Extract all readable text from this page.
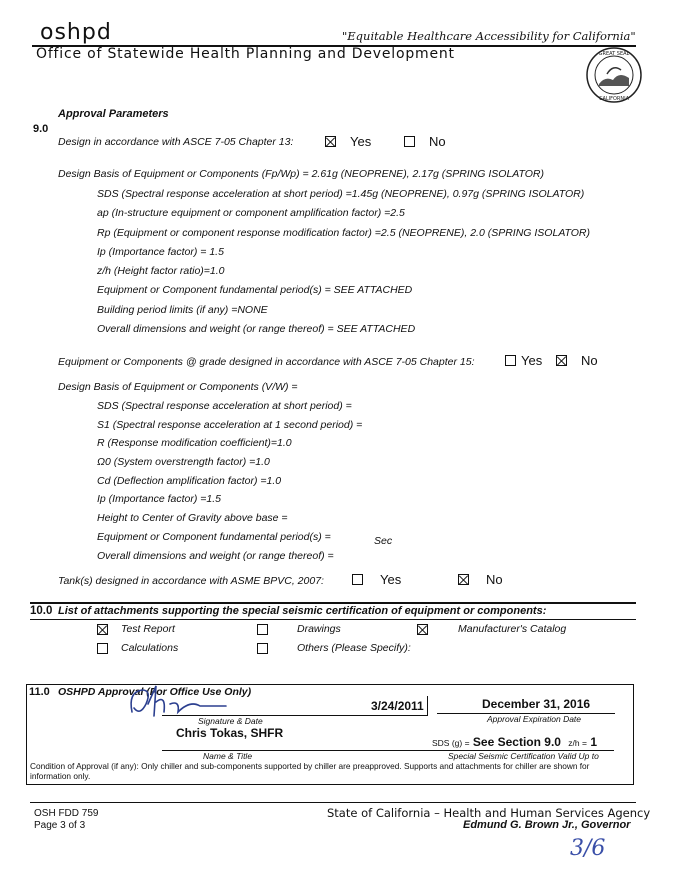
oshpd	"Equitable Healthcare Accessibility for California"
Office of Statewide Health Planning and Development	GREAT SEAL
CALIFORNIA
Approval Parameters
9.0
Design in accordance with ASCE 7-05 Chapter 13:	Yes	No
Design Basis of Equipment or Components (Fp/Wp) = 2.61g (NEOPRENE), 2.17g (SPRING ISOLATOR)
SDS (Spectral response acceleration at short period) =1.45g (NEOPRENE), 0.97g (SPRING ISOLATOR)
ap (In-structure equipment or component amplification factor) =2.5
Rp (Equipment or component response modification factor) =2.5 (NEOPRENE), 2.0 (SPRING ISOLATOR)
Ip (Importance factor) = 1.5
z/h (Height factor ratio)=1.0
Equipment or Component fundamental period(s) = SEE ATTACHED
Building period limits (if any) =NONE
Overall dimensions and weight (or range thereof) = SEE ATTACHED
Equipment or Components @ grade designed in accordance with ASCE 7-05 Chapter 15:	Yes	No
Design Basis of Equipment or Components (V/W) =
SDS (Spectral response acceleration at short period) =
S1 (Spectral response acceleration at 1 second period) =
R (Response modification coefficient)=1.0
Ω0 (System overstrength factor) =1.0
Cd (Deflection amplification factor) =1.0
Ip (Importance factor) =1.5
Height to Center of Gravity above base =
Equipment or Component fundamental period(s) =
Overall dimensions and weight (or range thereof) =
Sec
Tank(s) designed in accordance with ASME BPVC, 2007:	Yes	No
10.0 List of attachments supporting the special seismic certification of equipment or components:
Test Report	Drawings	Manufacturer's Catalog
Calculations	Others (Please Specify):
11.0 OSHPD Approval (For Office Use Only)
3/24/2011
Signature & Date
Chris Tokas, SHFR
Name & Title
December 31, 2016
Approval Expiration Date
SDS (g) = See Section 9.0 z/h = 1
Special Seismic Certification Valid Up to
Condition of Approval (if any): Only chiller and sub-components supported by chiller are preapproved. Supports and attachments for chiller are shown for information only.
OSH FDD 759
Page 3 of 3
State of California – Health and Human Services Agency
Edmund G. Brown Jr., Governor
3/6
